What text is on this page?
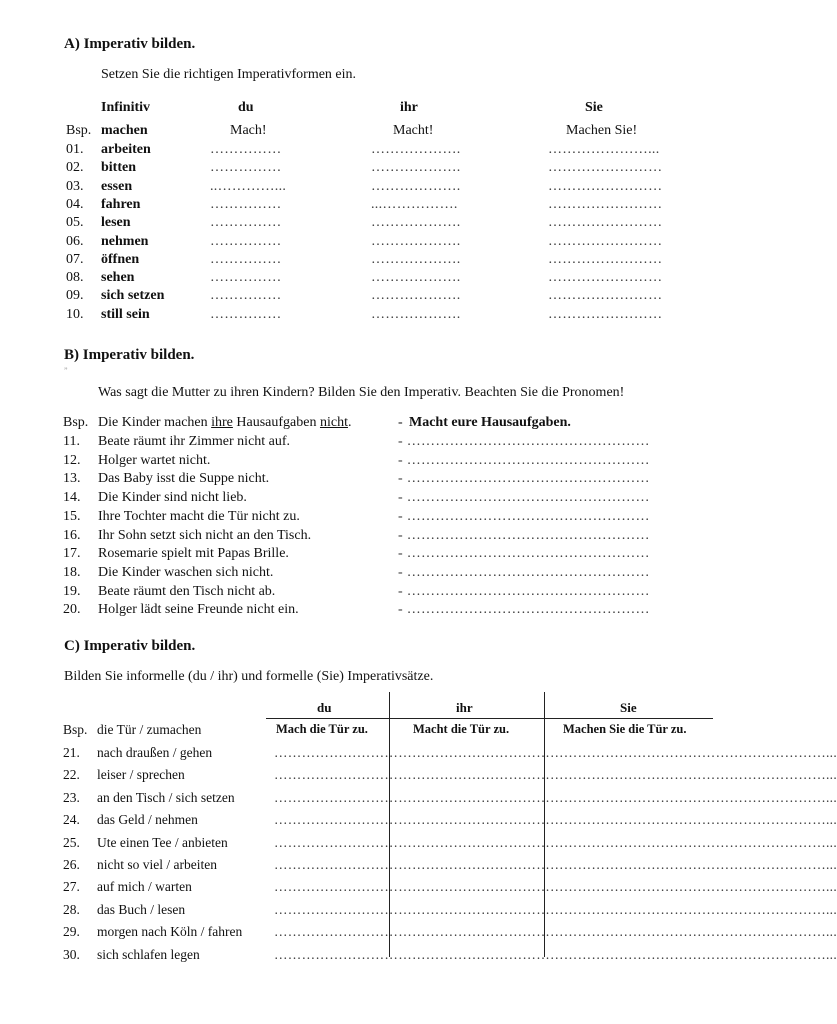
A) Imperativ bilden.
Setzen Sie die richtigen Imperativformen ein.
Infinitiv	du	ihr	Sie
Bsp. machen	Mach!	Macht!	Machen Sie!
01. arbeiten	……………	……………….	…………………...
02. bitten	……………	……………….	……………………
03. essen	..…………...	……………….	……………………
04. fahren	……………	...…………….	……………………
05. lesen	……………	……………….	……………………
06. nehmen	……………	……………….	……………………
07. öffnen	……………	……………….	……………………
08. sehen	……………	……………….	……………………
09. sich setzen	……………	……………….	……………………
10. still sein	……………	……………….	……………………
B) Imperativ bilden.
ˮ
Was sagt die Mutter zu ihren Kindern? Bilden Sie den Imperativ. Beachten Sie die Pronomen!
Bsp. Die Kinder machen ihre Hausaufgaben nicht.	- Macht eure Hausaufgaben.
11. Beate räumt ihr Zimmer nicht auf.	- ……………………………………………
12. Holger wartet nicht.	- ……………………………………………
13. Das Baby isst die Suppe nicht.	- ……………………………………………
14. Die Kinder sind nicht lieb.	- ……………………………………………
15. Ihre Tochter macht die Tür nicht zu.	- ……………………………………………
16. Ihr Sohn setzt sich nicht an den Tisch.	- ……………………………………………
17. Rosemarie spielt mit Papas Brille.	- ……………………………………………
18. Die Kinder waschen sich nicht.	- ……………………………………………
19. Beate räumt den Tisch nicht ab.	- ……………………………………………
20. Holger lädt seine Freunde nicht ein.	- ……………………………………………
C) Imperativ bilden.
Bilden Sie informelle (du / ihr) und formelle (Sie) Imperativsätze.
du	ihr	Sie
Bsp. die Tür / zumachen	Mach die Tür zu.	Macht die Tür zu.	Machen Sie die Tür zu.
21. nach draußen / gehen	…………………………………………………………………………………………………………...
22. leiser / sprechen	…………………………………………………………………………………………………………...
23. an den Tisch / sich setzen	…………………………………………………………………………………………………………...
24. das Geld / nehmen	…………………………………………………………………………………………………………...
25. Ute einen Tee / anbieten	…………………………………………………………………………………………………………...
26. nicht so viel / arbeiten	…………………………………………………………………………………………………………...
27. auf mich / warten	…………………………………………………………………………………………………………...
28. das Buch / lesen	…………………………………………………………………………………………………………...
29. morgen nach Köln / fahren …………………………………………………………………………………………………………...
30. sich schlafen legen	…………………………………………………………………………………………………………...
